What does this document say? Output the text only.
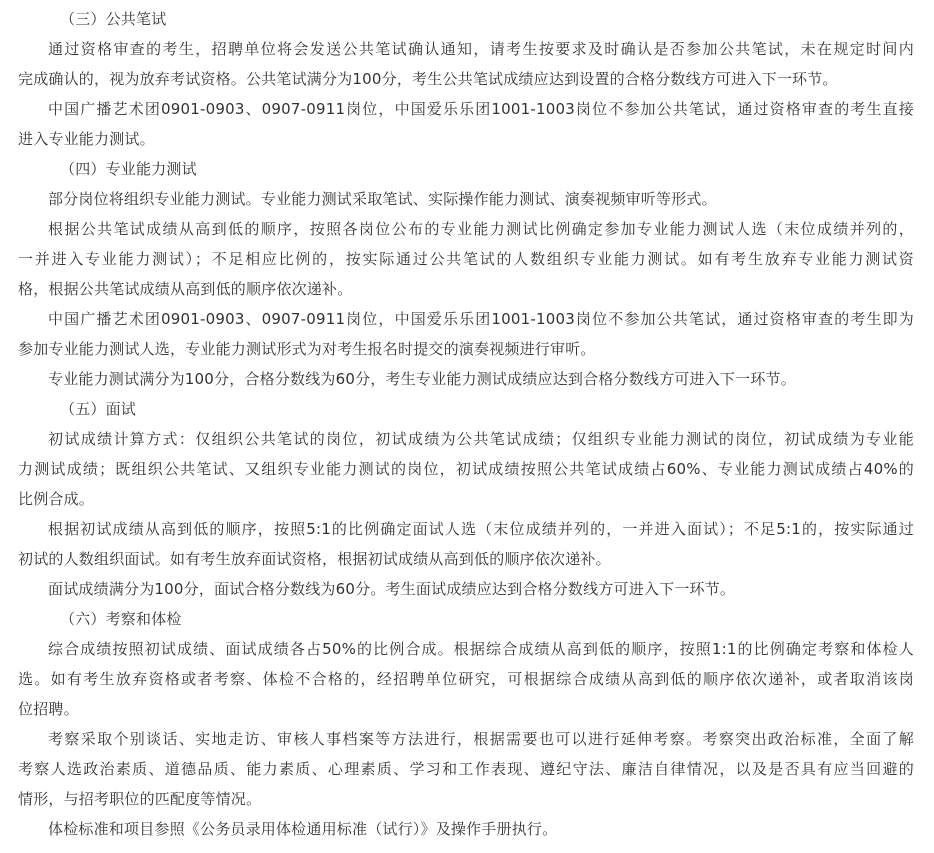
（三）公共笔试
通过资格审查的考生，招聘单位将会发送公共笔试确认通知，请考生按要求及时确认是否参加公共笔试，未在规定时间内
完成确认的，视为放弃考试资格。公共笔试满分为100分，考生公共笔试成绩应达到设置的合格分数线方可进入下一环节。
中国广播艺术团0901-0903、0907-0911岗位，中国爱乐乐团1001-1003岗位不参加公共笔试，通过资格审查的考生直接
进入专业能力测试。
（四）专业能力测试
部分岗位将组织专业能力测试。专业能力测试采取笔试、实际操作能力测试、演奏视频审听等形式。
根据公共笔试成绩从高到低的顺序，按照各岗位公布的专业能力测试比例确定参加专业能力测试人选（末位成绩并列的，
一并进入专业能力测试）；不足相应比例的，按实际通过公共笔试的人数组织专业能力测试。如有考生放弃专业能力测试资
格，根据公共笔试成绩从高到低的顺序依次递补。
中国广播艺术团0901-0903、0907-0911岗位，中国爱乐乐团1001-1003岗位不参加公共笔试，通过资格审查的考生即为
参加专业能力测试人选，专业能力测试形式为对考生报名时提交的演奏视频进行审听。
专业能力测试满分为100分，合格分数线为60分，考生专业能力测试成绩应达到合格分数线方可进入下一环节。
（五）面试
初试成绩计算方式：仅组织公共笔试的岗位，初试成绩为公共笔试成绩；仅组织专业能力测试的岗位，初试成绩为专业能
力测试成绩；既组织公共笔试、又组织专业能力测试的岗位，初试成绩按照公共笔试成绩占60%、专业能力测试成绩占40%的
比例合成。
根据初试成绩从高到低的顺序，按照5:1的比例确定面试人选（末位成绩并列的，一并进入面试）；不足5:1的，按实际通过
初试的人数组织面试。如有考生放弃面试资格，根据初试成绩从高到低的顺序依次递补。
面试成绩满分为100分，面试合格分数线为60分。考生面试成绩应达到合格分数线方可进入下一环节。
（六）考察和体检
综合成绩按照初试成绩、面试成绩各占50%的比例合成。根据综合成绩从高到低的顺序，按照1:1的比例确定考察和体检人
选。如有考生放弃资格或者考察、体检不合格的，经招聘单位研究，可根据综合成绩从高到低的顺序依次递补，或者取消该岗
位招聘。
考察采取个别谈话、实地走访、审核人事档案等方法进行，根据需要也可以进行延伸考察。考察突出政治标准，全面了解
考察人选政治素质、道德品质、能力素质、心理素质、学习和工作表现、遵纪守法、廉洁自律情况，以及是否具有应当回避的
情形，与招考职位的匹配度等情况。
体检标准和项目参照《公务员录用体检通用标准（试行）》及操作手册执行。
